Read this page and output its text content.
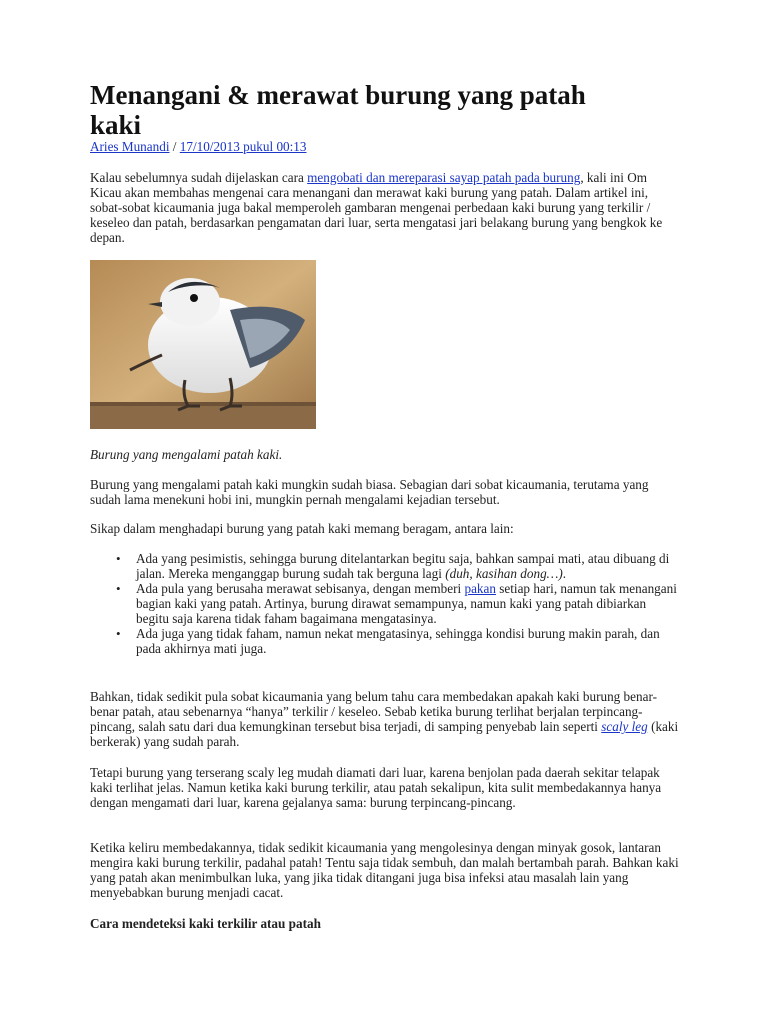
Menangani & merawat burung yang patah kaki
Aries Munandi / 17/10/2013 pukul 00:13

Kalau sebelumnya sudah dijelaskan cara mengobati dan mereparasi sayap patah pada burung, kali ini Om Kicau akan membahas mengenai cara menangani dan merawat kaki burung yang patah. Dalam artikel ini, sobat-sobat kicaumania juga bakal memperoleh gambaran mengenai perbedaan kaki burung yang terkilir / keseleo dan patah, berdasarkan pengamatan dari luar, serta mengatasi jari belakang burung yang bengkok ke depan.

Burung yang mengalami patah kaki.

Burung yang mengalami patah kaki mungkin sudah biasa. Sebagian dari sobat kicaumania, terutama yang sudah lama menekuni hobi ini, mungkin pernah mengalami kejadian tersebut.

Sikap dalam menghadapi burung yang patah kaki memang beragam, antara lain:

• Ada yang pesimistis, sehingga burung ditelantarkan begitu saja, bahkan sampai mati, atau dibuang di jalan. Mereka menganggap burung sudah tak berguna lagi (duh, kasihan dong…).
• Ada pula yang berusaha merawat sebisanya, dengan memberi pakan setiap hari, namun tak menangani bagian kaki yang patah. Artinya, burung dirawat semampunya, namun kaki yang patah dibiarkan begitu saja karena tidak faham bagaimana mengatasinya.
• Ada juga yang tidak faham, namun nekat mengatasinya, sehingga kondisi burung makin parah, dan pada akhirnya mati juga.

Bahkan, tidak sedikit pula sobat kicaumania yang belum tahu cara membedakan apakah kaki burung benar-benar patah, atau sebenarnya “hanya” terkilir / keseleo. Sebab ketika burung terlihat berjalan terpincang-pincang, salah satu dari dua kemungkinan tersebut bisa terjadi, di samping penyebab lain seperti scaly leg (kaki berkerak) yang sudah parah.

Tetapi burung yang terserang scaly leg mudah diamati dari luar, karena benjolan pada daerah sekitar telapak kaki terlihat jelas. Namun ketika kaki burung terkilir, atau patah sekalipun, kita sulit membedakannya hanya dengan mengamati dari luar, karena gejalanya sama: burung terpincang-pincang.

Ketika keliru membedakannya, tidak sedikit kicaumania yang mengolesinya dengan minyak gosok, lantaran mengira kaki burung terkilir, padahal patah! Tentu saja tidak sembuh, dan malah bertambah parah. Bahkan kaki yang patah akan menimbulkan luka, yang jika tidak ditangani juga bisa infeksi atau masalah lain yang menyebabkan burung menjadi cacat.

Cara mendeteksi kaki terkilir atau patah
